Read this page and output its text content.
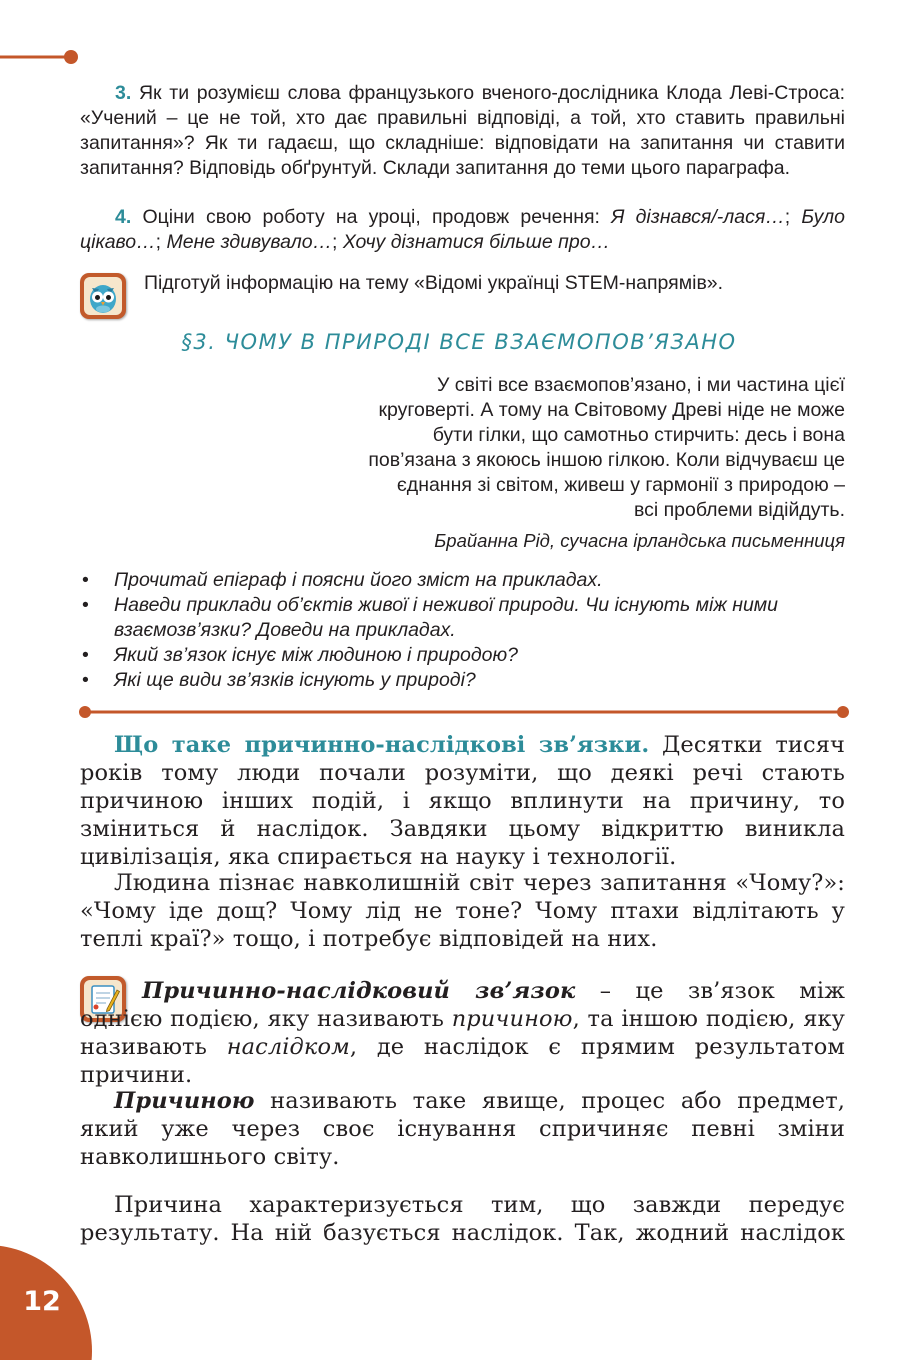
3. Як ти розумієш слова французького вченого-дослідника Клода Леві-Строса: «Учений – це не той, хто дає правильні відповіді, а той, хто ставить правильні запитання»? Як ти гадаєш, що складніше: відповідати на запитання чи ставити запитання? Відповідь обґрунтуй. Склади запитання до теми цього параграфа.
4. Оціни свою роботу на уроці, продовж речення: Я дізнався/-лася…; Було цікаво…; Мене здивувало…; Хочу дізнатися більше про…
Підготуй інформацію на тему «Відомі українці STEM-напрямів».
§3. ЧОМУ В ПРИРОДІ ВСЕ ВЗАЄМОПОВ’ЯЗАНО
У світі все взаємопов’язано, і ми частина цієї
круговерті. А тому на Світовому Древі ніде не може
бути гілки, що самотньо стирчить: десь і вона
пов’язана з якоюсь іншою гілкою. Коли відчуваєш це
єднання зі світом, живеш у гармонії з природою –
всі проблеми відійдуть.
Брайанна Рід, сучасна ірландська письменниця
• Прочитай епіграф і поясни його зміст на прикладах.
• Наведи приклади об’єктів живої і неживої природи. Чи існують між ними взаємозв’язки? Доведи на прикладах.
• Який зв’язок існує між людиною і природою?
• Які ще види зв’язків існують у природі?
Що таке причинно-наслідкові зв’язки. Десятки тисяч років тому люди почали розуміти, що деякі речі стають причиною інших подій, і якщо вплинути на причину, то зміниться й наслідок. Завдяки цьому відкриттю виникла цивілізація, яка спирається на науку і технології.
Людина пізнає навколишній світ через запитання «Чому?»: «Чому іде дощ? Чому лід не тоне? Чому птахи відлітають у теплі краї?» тощо, і потребує відповідей на них.
Причинно-наслідковий зв’язок – це зв’язок між однією подією, яку називають причиною, та іншою подією, яку називають наслідком, де наслідок є прямим результатом причини.
Причиною називають таке явище, процес або предмет, який уже через своє існування спричиняє певні зміни навколишнього світу.
Причина характеризується тим, що завжди передує результату. На ній базується наслідок. Так, жодний наслідок
12
